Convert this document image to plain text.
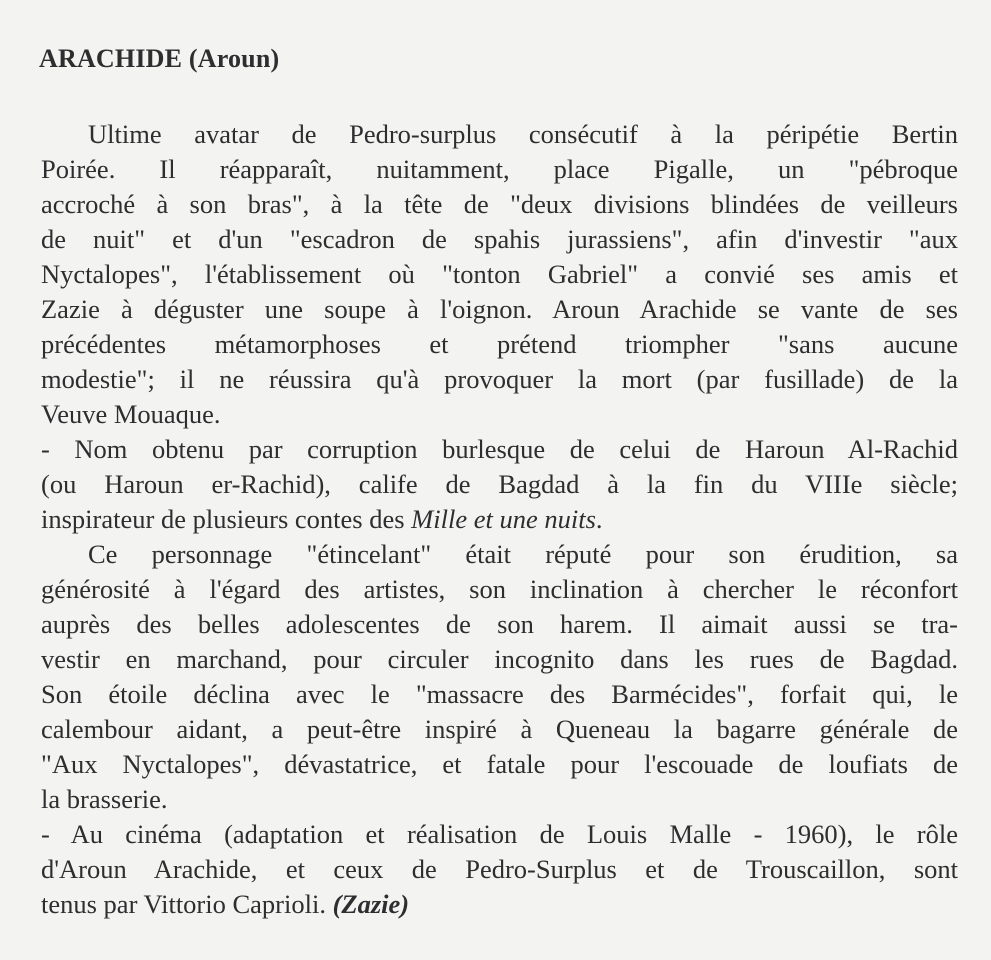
ARACHIDE (Aroun)
Ultime avatar de Pedro-surplus consécutif à la péripétie Bertin
Poirée. Il réapparaît, nuitamment, place Pigalle, un "pébroque
accroché à son bras", à la tête de "deux divisions blindées de veilleurs
de nuit" et d'un "escadron de spahis jurassiens", afin d'investir "aux
Nyctalopes", l'établissement où "tonton Gabriel" a convié ses amis et
Zazie à déguster une soupe à l'oignon. Aroun Arachide se vante de ses
précédentes métamorphoses et prétend triompher "sans aucune
modestie"; il ne réussira qu'à provoquer la mort (par fusillade) de la
Veuve Mouaque.
- Nom obtenu par corruption burlesque de celui de Haroun Al-Rachid
(ou Haroun er-Rachid), calife de Bagdad à la fin du VIIIe siècle;
inspirateur de plusieurs contes des Mille et une nuits.
Ce personnage "étincelant" était réputé pour son érudition, sa
générosité à l'égard des artistes, son inclination à chercher le réconfort
auprès des belles adolescentes de son harem. Il aimait aussi se tra-
vestir en marchand, pour circuler incognito dans les rues de Bagdad.
Son étoile déclina avec le "massacre des Barmécides", forfait qui, le
calembour aidant, a peut-être inspiré à Queneau la bagarre générale de
"Aux Nyctalopes", dévastatrice, et fatale pour l'escouade de loufiats de
la brasserie.
- Au cinéma (adaptation et réalisation de Louis Malle - 1960), le rôle
d'Aroun Arachide, et ceux de Pedro-Surplus et de Trouscaillon, sont
tenus par Vittorio Caprioli. (Zazie)
